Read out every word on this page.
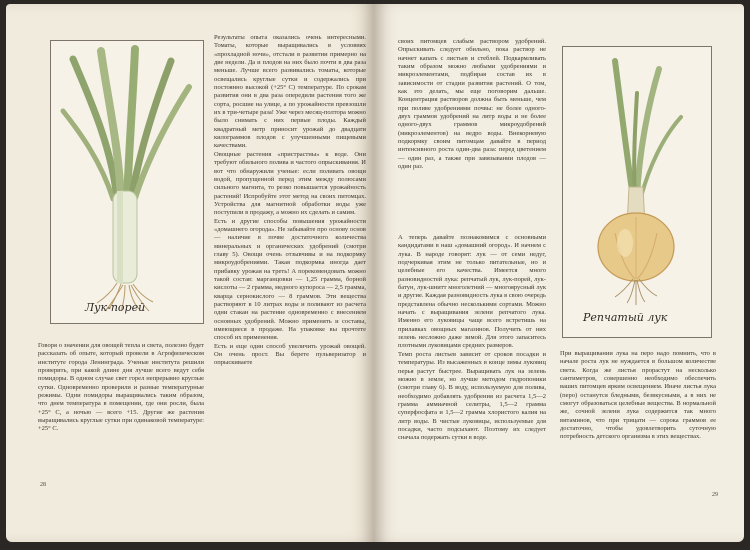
Лук-порей
Результаты опыта оказались очень интересными. Томаты, которые выращивались в условиях «прохладной ночи», отстали в развитии примерно на две недели. Да и плодов на них было почти в два раза меньше. Лучше всего развивались томаты, которые освещались круглые сутки и содержались при постоянно высокой (+25° С) температуре. По срокам развития они в два раза опередили растения того же сорта, росшие на улице, а по урожайности превзошли их в три-четыре раза! Уже через месяц-полтора можно было снимать с них первые плоды. Каждый квадратный метр приносит урожай до двадцати килограммов плодов с улучшенными пищевыми качествами.
Овощные растения «пристрастны» к воде. Они требуют обильного полива и частого опрыскивания. И вот что обнаружили ученые: если поливать овощи водой, пропущенной перед этим между полюсами сильного магнита, то резко повышается урожайность растений! Испробуйте этот метод на своих питомцах. Устройства для магнитной обработки воды уже поступили в продажу, а можно их сделать и самим.
Есть и другие способы повышения урожайности «домашнего огорода». Не забывайте про основу основ — наличие в почве достаточного количества минеральных и органических удобрений (смотри главу 5). Овощи очень отзывчивы и на подкормку микроудобрениями. Такая подкормка иногда дает прибавку урожая на треть! А порекомендовать можно такой состав: марганцовки — 1,25 грамма, борной кислоты — 2 грамма, медного купороса — 2,5 грамма, кварца сернокислого — 8 граммов. Эти вещества растворяют в 10 литрах воды и поливают из расчета одни стакан на растение одновременно с внесением основных удобрений. Можно применять и составы, имеющиеся в продаже. На упаковке вы прочтете способ их применения.
Есть и еще один способ увеличить урожай овощей. Он очень прост. Вы берете пульверизатор и опрыскиваете
Говоря о значении для овощей тепла и света, полезно будет рассказать об опыте, который провели в Агрофизическом институте города Ленинграда. Ученые института решили проверить, при какой длине дня лучше всего ведут себя помидоры. В одном случае свет горел непрерывно круглые сутки. Одновременно проверили и разные температурные режимы. Одни помидоры выращивались таким образом, что днем температура в помещении, где они росли, была +25° С, а ночью — всего +15. Другие же растения выращивались круглые сутки при одинаковой температуре: +25° С.
28
своих питомцев слабым раствором удобрений. Опрыскивать следует обильно, пока раствор не начнет капать с листьев и стеблей. Подкармливать таким образом можно любыми удобрениями и микроэлементами, подбирая состав их в зависимости от стадии развития растений. О том, как это делать, мы еще поговорим дальше. Концентрация растворов должна быть меньше, чем при поливе удобрениями почвы: не более одного-двух граммов удобрений на литр воды и не более одного-двух граммов микроудобрений (микроэлементов) на ведро воды. Внекорневую подкормку своим питомцам давайте в период интенсивного роста один-два раза: перед цветением — один раз, а также при завязывании плодов — один раз.
А теперь давайте познакомимся с основными кандидатами в наш «домашний огород». И начнем с лука. В народе говорят: лук — от семи недуг, подчеркивая этим не только питательные, но и целебные его качества. Имеется много разновидностей лука: репчатый лук, лук-порей, лук-батун, лук-шнитт многолетний — многоярусный лук и другие. Каждая разновидность лука в свою очередь представлена обычно несколькими сортами. Можно начать с выращивания зелени репчатого лука. Именно его луковицы чаще всего встретишь на прилавках овощных магазинов. Получить от них зелень несложно даже зимой. Для этого запаситесь плотными луковицами средних размеров.
Темп роста листьев зависит от сроков посадки и температуры. Из высаженных в конце зимы луковиц перья растут быстрее. Выращивать лук на зелень можно в земле, но лучше методом гидропоники (смотри главу 6). В воду, используемую для полива, необходимо добавлять удобрения из расчета 1,5—2 грамма аммиачной селитры, 1,5—2 грамма суперфосфата и 1,5—2 грамма хлористого калия на литр воды. В чистые луковицы, используемые для посадки, часто подсыхают. Поэтому их следует сначала подержать сутки в воде.
Репчатый лук
При выращивании лука на перо надо помнить, что в начале роста лук не нуждается в большом количестве света. Когда же листья прорастут на несколько сантиметров, совершенно необходимо обеспечить ваших питомцев ярким освещением. Иначе листья лука (перо) останутся бледными, безвкусными, а в них не смогут образоваться целебные вещества. В нормальной же, сочной зелени лука содержится так много витаминов, что при трицати — сорока граммов ее достаточно, чтобы удовлетворить суточную потребность детского организма в этих веществах.
29
